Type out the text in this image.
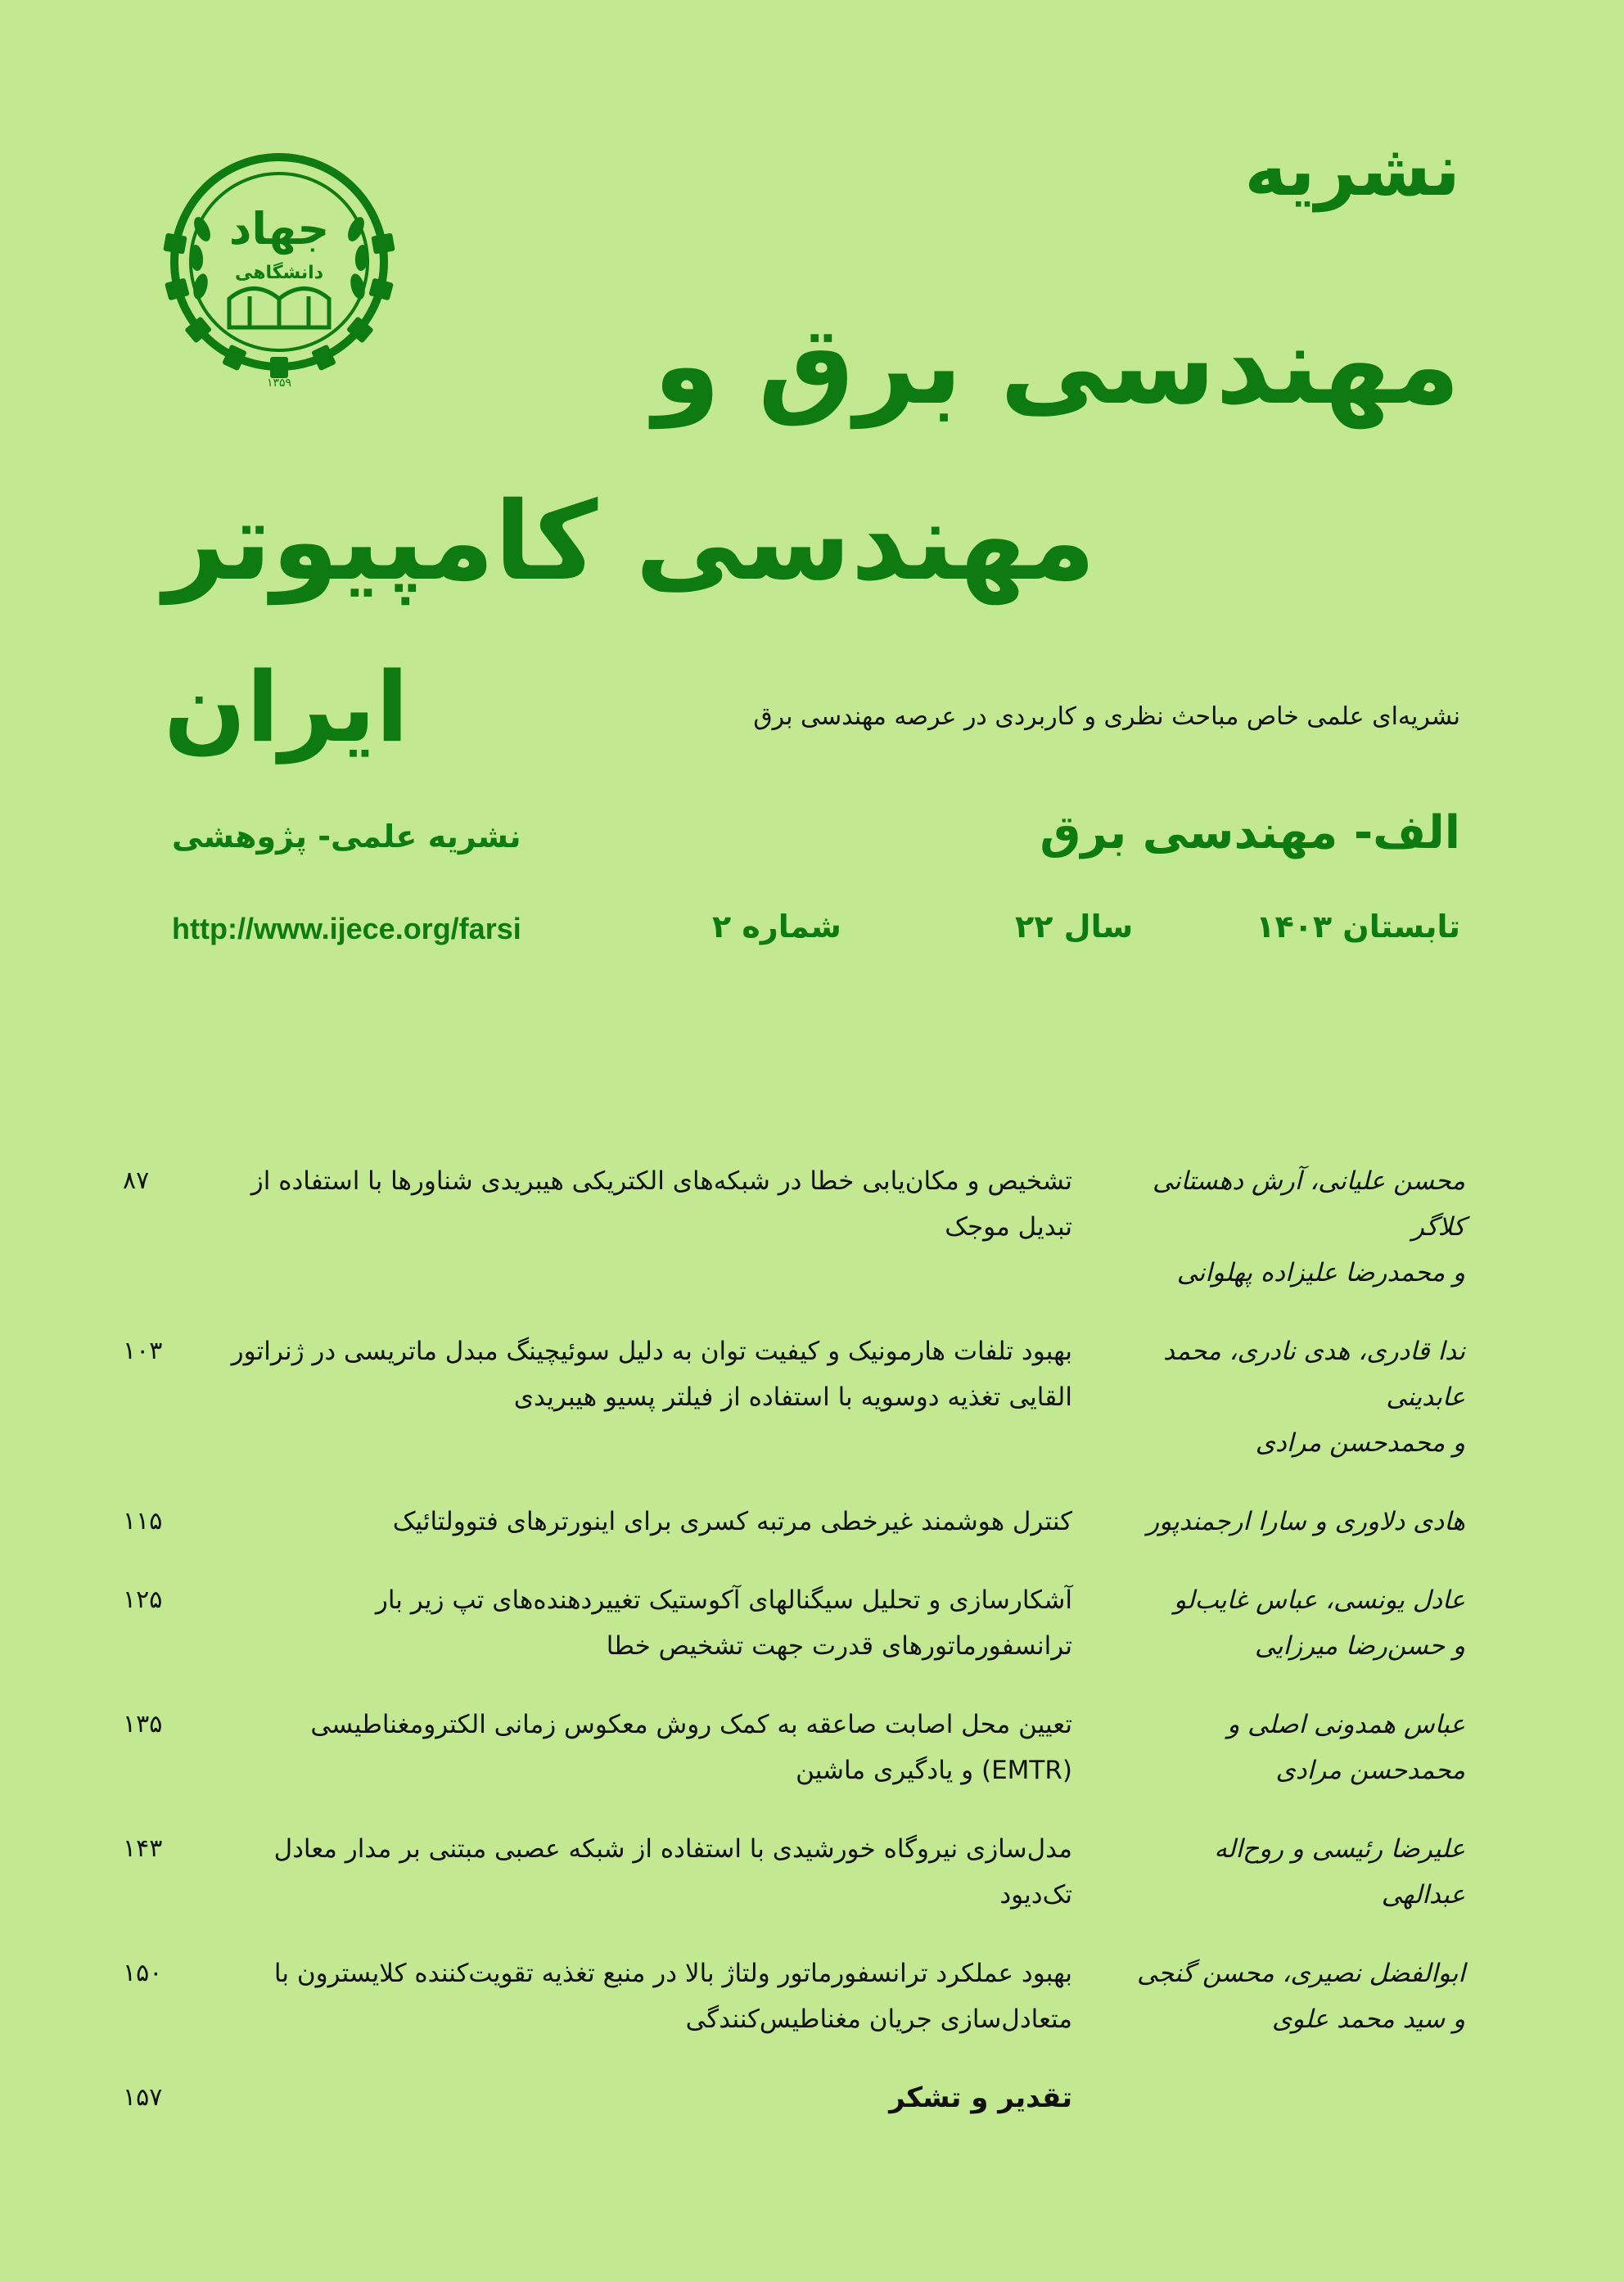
جهاد
دانشگاهی
۱۳۵۹
نشریه
مهندسی برق و
مهندسی کامپیوتر
ایران	نشریه‌ای علمی خاص مباحث نظری و کاربردی در عرصه مهندسی برق
الف- مهندسی برق
نشریه علمی- پژوهشی
تابستان ۱۴۰۳
سال ۲۲
شماره ۲
http://www.ijece.org/farsi
محسن علیانی، آرش دهستانی کلاگر
و محمدرضا علیزاده پهلوانی
تشخیص و مکان‌یابی خطا در شبکه‌های الکتریکی هیبریدی شناورها با استفاده از تبدیل موجک
۸۷
ندا قادری، هدی نادری، محمد عابدینی
و محمدحسن مرادی
بهبود تلفات هارمونیک و کیفیت توان به دلیل سوئیچینگ مبدل ماتریسی در ژنراتور القایی تغذیه دوسویه با استفاده از فیلتر پسیو هیبریدی
۱۰۳
هادی دلاوری و سارا ارجمندپور
کنترل هوشمند غیرخطی مرتبه کسری برای اینورترهای فتوولتائیک
۱۱۵
عادل یونسی، عباس غایب‌لو
و حسن‌رضا میرزایی
آشکارسازی و تحلیل سیگنالهای آکوستیک تغییردهنده‌های تپ زیر بار ترانسفورماتورهای قدرت جهت تشخیص خطا
۱۲۵
عباس همدونی اصلی و محمدحسن مرادی
تعیین محل اصابت صاعقه به کمک روش معکوس زمانی الکترومغناطیسی (EMTR) و یادگیری ماشین
۱۳۵
علیرضا رئیسی و روح‌اله عبدالهی
مدل‌سازی نیروگاه خورشیدی با استفاده از شبکه عصبی مبتنی بر مدار معادل تک‌دیود
۱۴۳
ابوالفضل نصیری، محسن گنجی
و سید محمد علوی
بهبود عملکرد ترانسفورماتور ولتاژ بالا در منبع تغذیه تقویت‌کننده کلایسترون با متعادل‌سازی جریان مغناطیس‌کنندگی
۱۵۰
تقدیر و تشکر
۱۵۷
